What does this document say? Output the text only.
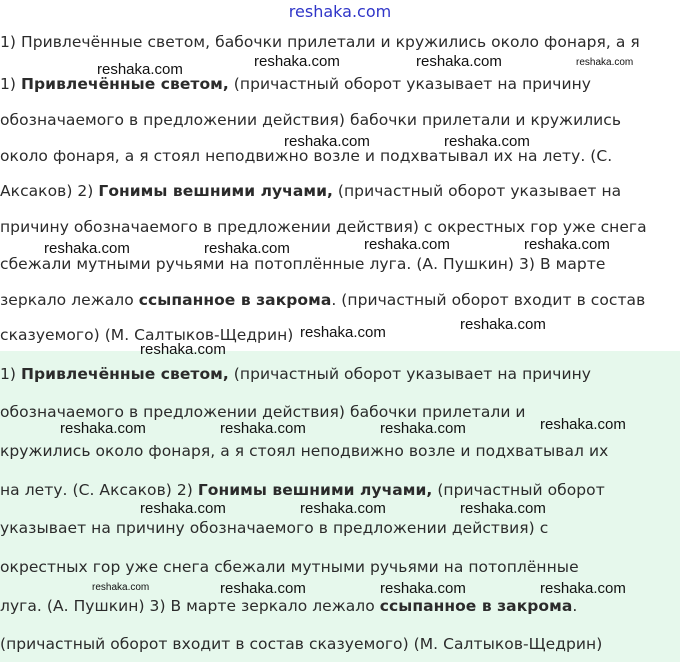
reshaka.com
1) Привлечённые светом, бабочки прилетали и кружились около фонаря, а я
1) Привлечённые светом, (причастный оборот указывает на причину
обозначаемого в предложении действия) бабочки прилетали и кружились
около фонаря, а я стоял неподвижно возле и подхватывал их на лету. (С.
Аксаков) 2) Гонимы вешними лучами, (причастный оборот указывает на
причину обозначаемого в предложении действия) с окрестных гор уже снега
сбежали мутными ручьями на потоплённые луга. (А. Пушкин) 3) В марте
зеркало лежало ссыпанное в закрома. (причастный оборот входит в состав
сказуемого) (М. Салтыков-Щедрин)
1) Привлечённые светом, (причастный оборот указывает на причину
обозначаемого в предложении действия) бабочки прилетали и
кружились около фонаря, а я стоял неподвижно возле и подхватывал их
на лету. (С. Аксаков) 2) Гонимы вешними лучами, (причастный оборот
указывает на причину обозначаемого в предложении действия) с
окрестных гор уже снега сбежали мутными ручьями на потоплённые
луга. (А. Пушкин) 3) В марте зеркало лежало ссыпанное в закрома.
(причастный оборот входит в состав сказуемого) (М. Салтыков-Щедрин)
reshaka.com	reshaka.com	reshaka.com
reshaka.com
reshaka.com	reshaka.com
reshaka.com	reshaka.com
reshaka.com	reshaka.com
reshaka.com
reshaka.com
reshaka.com
reshaka.com
reshaka.com	reshaka.com	reshaka.com
reshaka.com	reshaka.com	reshaka.com
reshaka.com	reshaka.com	reshaka.com	reshaka.com
